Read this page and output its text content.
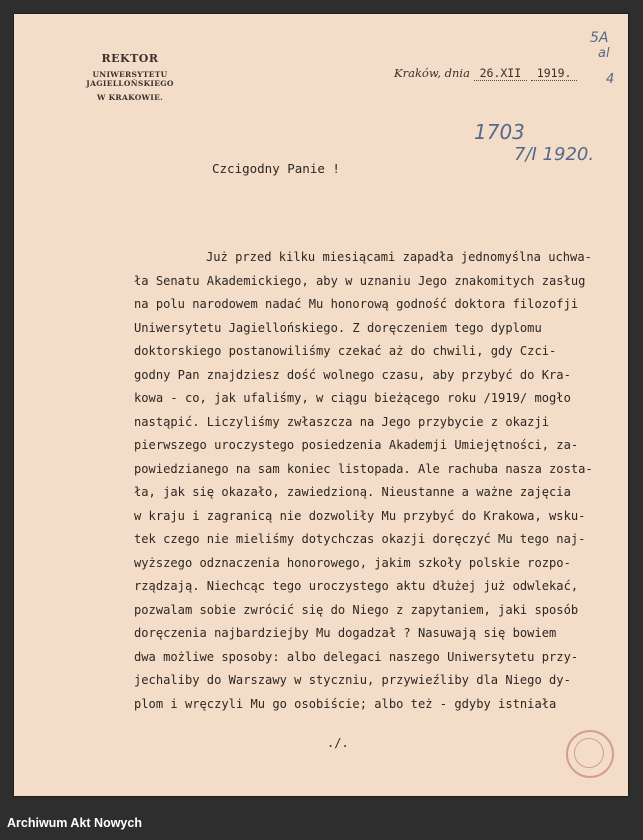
REKTOR
UNIWERSYTETU JAGIELLOŃSKIEGO
W KRAKOWIE.
Kraków, dnia 26.XII 1919.
5A
al
4
1703
7/I 1920.
Czcigodny Panie !
Już przed kilku miesiącami zapadła jednomyślna uchwa-
ła Senatu Akademickiego, aby w uznaniu Jego znakomitych zasług
na polu narodowem nadać Mu honorową godność doktora filozofji
Uniwersytetu Jagiellońskiego. Z doręczeniem tego dyplomu
doktorskiego postanowiliśmy czekać aż do chwili, gdy Czci-
godny Pan znajdziesz dość wolnego czasu, aby przybyć do Kra-
kowa - co, jak ufaliśmy, w ciągu bieżącego roku /1919/ mogło
nastąpić. Liczyliśmy zwłaszcza na Jego przybycie z okazji
pierwszego uroczystego posiedzenia Akademji Umiejętności, za-
powiedzianego na sam koniec listopada. Ale rachuba nasza zosta-
ła, jak się okazało, zawiedzioną. Nieustanne a ważne zajęcia
w kraju i zagranicą nie dozwoliły Mu przybyć do Krakowa, wsku-
tek czego nie mieliśmy dotychczas okazji doręczyć Mu tego naj-
wyższego odznaczenia honorowego, jakim szkoły polskie rozpo-
rządzają. Niechcąc tego uroczystego aktu dłużej już odwlekać,
pozwalam sobie zwrócić się do Niego z zapytaniem, jaki sposób
doręczenia najbardziejby Mu dogadzał ? Nasuwają się bowiem
dwa możliwe sposoby: albo delegaci naszego Uniwersytetu przy-
jechaliby do Warszawy w styczniu, przywieźliby dla Niego dy-
plom i wręczyli Mu go osobiście; albo też - gdyby istniała
./.
Archiwum Akt Nowych
